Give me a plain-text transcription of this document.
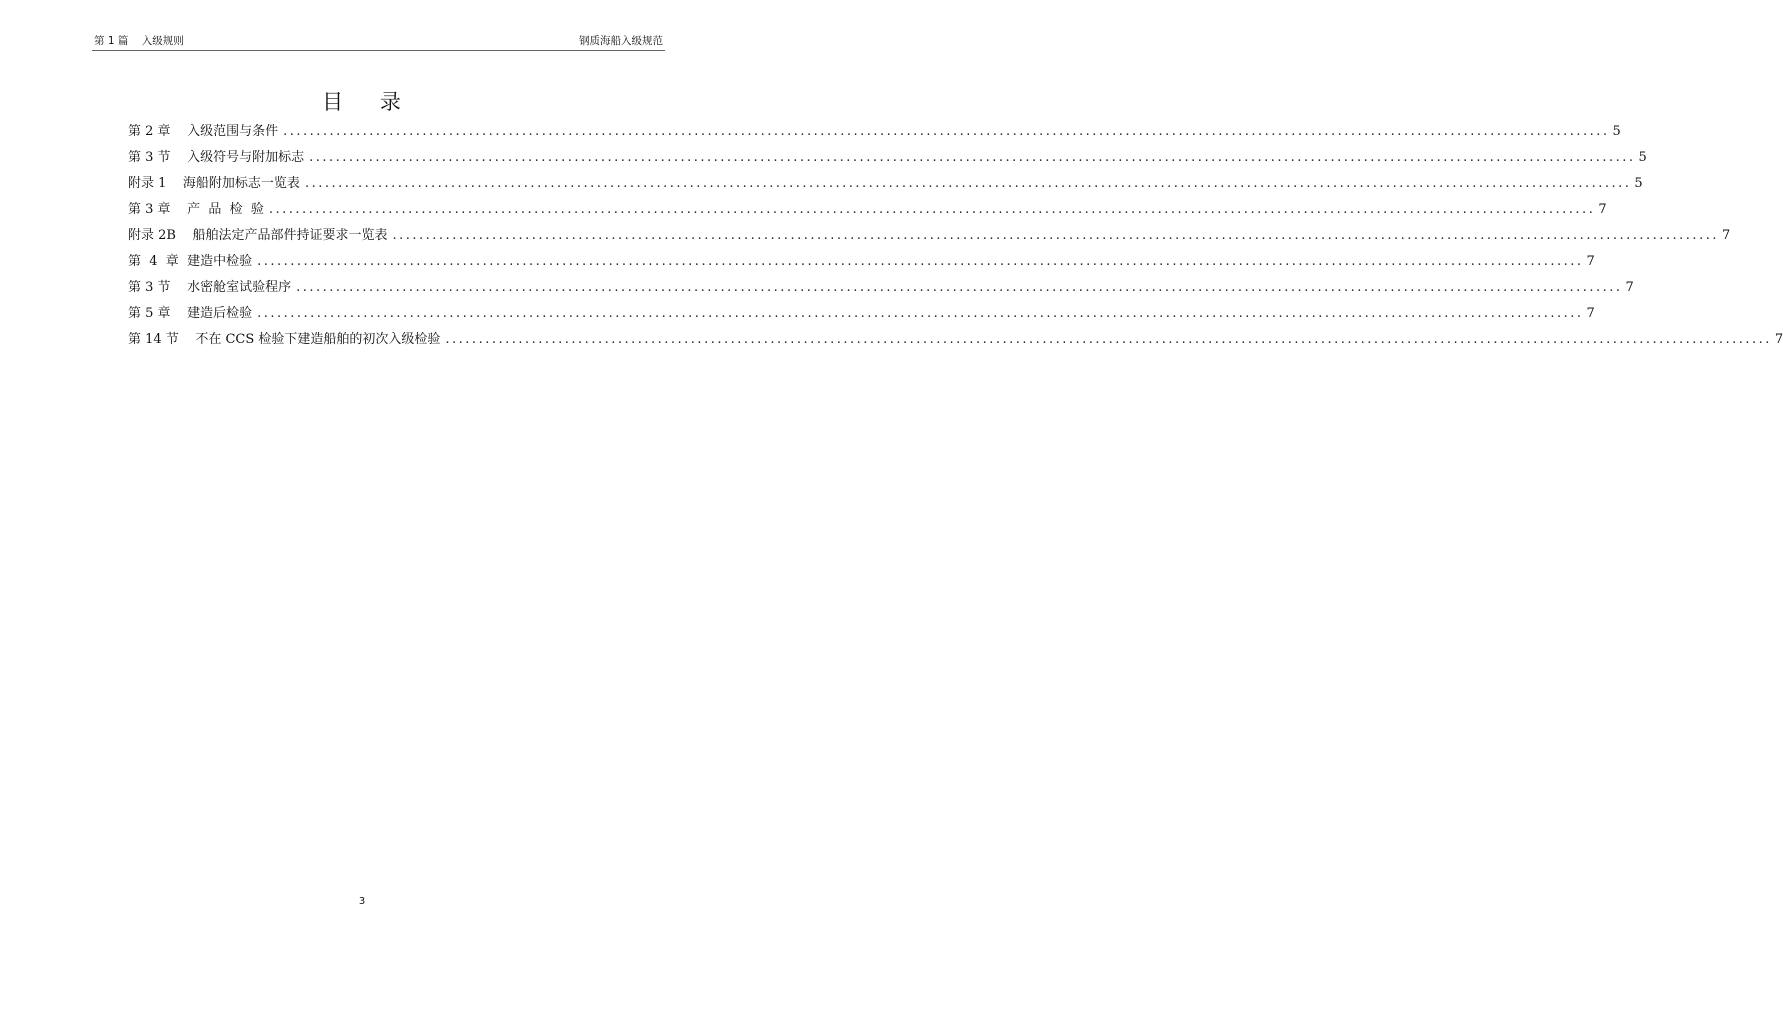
第 1 篇    入级规则	钢质海船入级规范
目 录
第 2 章    入级范围与条件 ........................................................................................................................................................................................................ 5
第 3 节    入级符号与附加标志 ........................................................................................................................................................................................................ 5
附录 1    海船附加标志一览表 ........................................................................................................................................................................................................ 5
第 3 章    产  品  检  验 ........................................................................................................................................................................................................ 7
附录 2B    船舶法定产品部件持证要求一览表 ........................................................................................................................................................................................................ 7
第  4  章  建造中检验 ........................................................................................................................................................................................................ 7
第 3 节    水密舱室试验程序 ........................................................................................................................................................................................................ 7
第 5 章    建造后检验 ........................................................................................................................................................................................................ 7
第 14 节    不在 CCS 检验下建造船舶的初次入级检验 ........................................................................................................................................................................................................ 7
3
